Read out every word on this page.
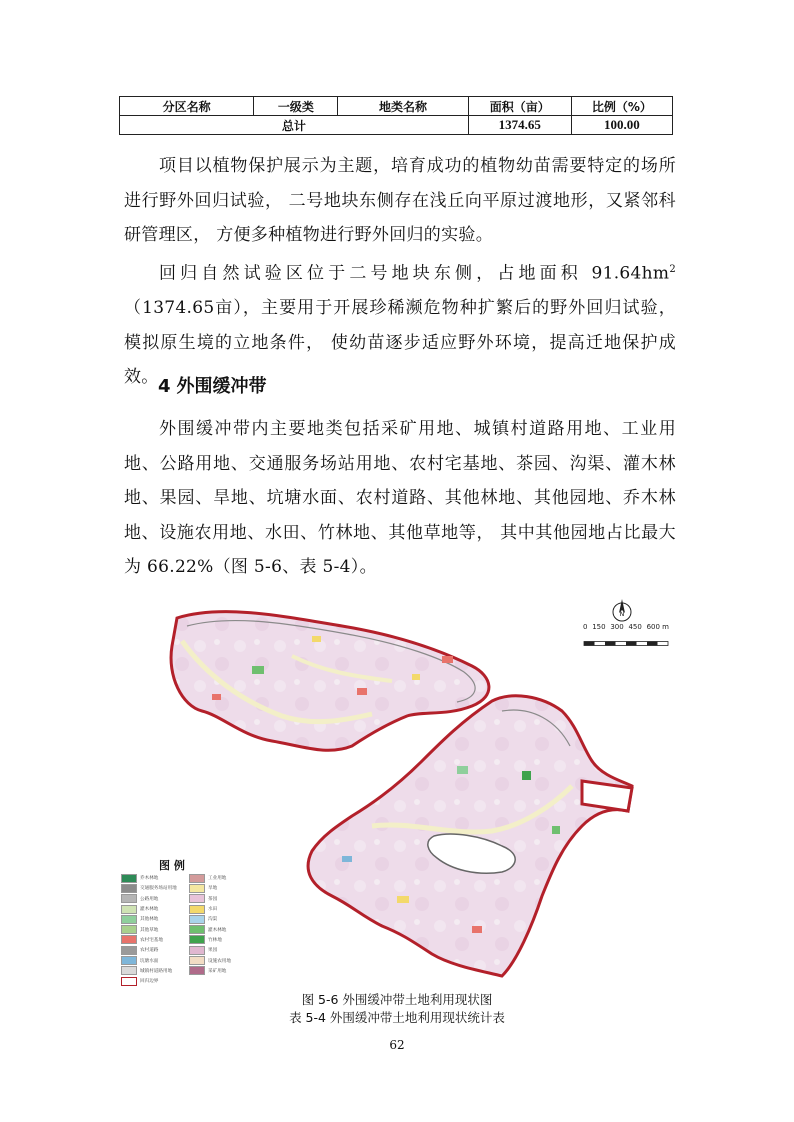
分区名称	一级类	地类名称	面积（亩）	比例（%）
总计			1374.65	100.00

项目以植物保护展示为主题，培育成功的植物幼苗需要特定的场所进行野外回归试验， 二号地块东侧存在浅丘向平原过渡地形，又紧邻科研管理区， 方便多种植物进行野外回归的实验。

回归自然试验区位于二号地块东侧，占地面积 $91.64hm^2(1374.65$亩），主要用于开展珍稀濒危物种扩繁后的野外回归试验， 模拟原生境的立地条件， 使幼苗逐步适应野外环境，提高迁地保护成效。 4 外围缓冲带

外围缓冲带内主要地类包括采矿用地、城镇村道路用地、工业用地、公路用地、交通服务场站用地、农村宅基地、茶园、沟渠、灌木林地、果园、旱地、坑塘水面、农村道路、其他林地、其他园地、乔木林地、设施农用地、水田、竹林地、其他草地等， 其中其他园地占比最大为 66.22%（图 5-6、表 5-4）。

N
0 150 300 450 600 m
图 例
乔木林地
交通服务场站用地
公路用地
灌木林地
其他林地
其他草地
农村宅基地
农村道路
坑塘水面
城镇村道路用地
回归边界
工业用地
旱地
茶园
水田
沟渠
灌木林地
竹林地
果园
设施农用地
采矿用地

图 5-6 外围缓冲带土地利用现状图

表 5-4 外围缓冲带土地利用现状统计表

62
